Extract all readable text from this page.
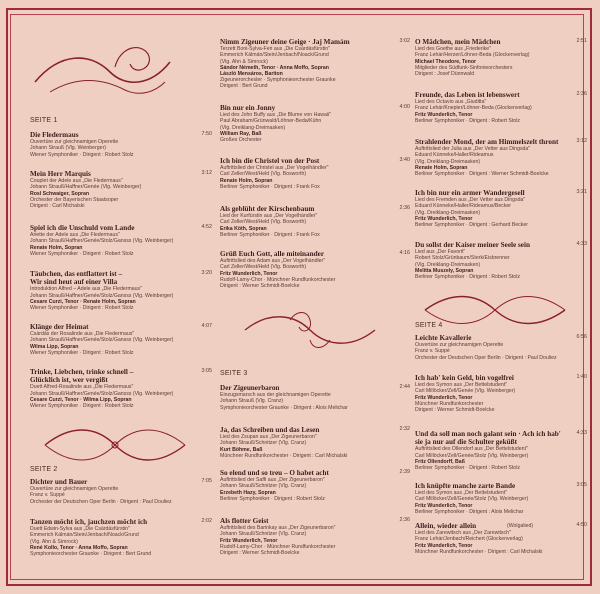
SEITE 1
SEITE 2
SEITE 3
SEITE 4
Die Fledermaus	7:50
Ouvertüre zur gleichnamigen Operette
Johann Strauß (Vlg. Weinberger)
Wiener Symphoniker · Dirigent : Robert Stolz
Mein Herr Marquis	3:12
Couplet der Adele aus „Die Fledermaus"
Johann Strauß/Haffner/Genée (Vlg. Weinberger)
Rosl Schwaiger, Sopran
Orchester der Bayerischen Staatsoper
Dirigent : Carl Michalski
Spiel ich die Unschuld vom Lande	4:52
Ariette der Adele aus „Die Fledermaus"
Johann Strauß/Haffner/Genée/Stolz/Gansss (Vlg. Weinberger)
Renate Holm, Sopran
Wiener Symphoniker · Dirigent : Robert Stolz
Täubchen, das entflattert ist –
Wir sind heut auf einer Villa
3:20
Introduktion Alfred – Adele aus „Die Fledermaus"
Johann Strauß/Haffner/Genée/Stolz/Gansss (Vlg. Weinberger)
Cesare Curzi, Tenor · Renate Holm, Sopran
Wiener Symphoniker · Dirigent : Robert Stolz
Klänge der Heimat	4:07
Csárdás der Rosalinde aus „Die Fledermaus"
Johann Strauß/Haffner/Genée/Stolz/Gansss (Vlg. Weinberger)
Wilma Lipp, Sopran
Wiener Symphoniker · Dirigent : Robert Stolz
Trinke, Liebchen, trinke schnell –
Glücklich ist, wer vergißt
3:05
Duett Alfred-Rosalinde aus „Die Fledermaus"
Johann Strauß/Haffner/Genée/Stolz/Gansss (Vlg. Weinberger)
Cesare Curzi, Tenor · Wilma Lipp, Sopran
Wiener Symphoniker · Dirigent : Robert Stolz
Dichter und Bauer	7:05
Ouvertüre zur gleichnamigen Operette
Franz v. Suppé
Orchester der Deutschen Oper Berlin · Dirigent : Paul Douliez
Tanzen möcht ich, jauchzen möcht ich	2:02
Duett Edwin-Sylva aus „Die Csárdásfürstin"
Emmerich Kálmán/Stein/Jenbach/Noack/Grund
(Vlg. Ahn & Simrock)
René Kollo, Tenor · Anna Moffo, Sopran
Symphonieorchester Graunke · Dirigent : Bert Grund
Nimm Zigeuner deine Geige · Jaj Mamám	3:02
Terzett Boni-Sylva-Feri aus „Die Csárdásfürstin"
Emmerich Kálmán/Stein/Jenbach/Noack/Grund
(Vlg. Ahn & Simrock)
Sándor Németh, Tenor · Anna Moffo, Sopran
László Mensáros, Bariton
Zigeunerorchester · Symphonieorchester Graunke
Dirigent : Bert Grund
Bin nur ein Jonny	4:00
Lied des John Buffy aus „Die Blume von Hawaii"
Paul Abraham/Grünwald/Löhner-Beda/Kühn
(Vlg. Dreiklang-Dreimasken)
William Ray, Baß
Großes Orchester
Ich bin die Christel von der Post	3:40
Auftrittslied der Christel aus „Der Vogelhändler"
Carl Zeller/West/Held (Vlg. Bosworth)
Renate Holm, Sopran
Berliner Symphoniker · Dirigent : Frank Fox
Als geblüht der Kirschenbaum	2:36
Lied der Kurfürstin aus „Der Vogelhändler"
Carl Zeller/West/Held (Vlg. Bosworth)
Erika Köth, Sopran
Berliner Symphoniker · Dirigent : Frank Fox
Grüß Euch Gott, alle miteinander	4:16
Auftrittslied des Adam aus „Der Vogelhändler"
Carl Zeller/West/Held (Vlg. Bosworth)
Fritz Wunderlich, Tenor
Rudolf-Lamy-Chor · Münchner Rundfunkorchester
Dirigent : Werner Schmidt-Boelcke
Der Zigeunerbaron	2:44
Einzugsmarsch aus der gleichnamigen Operette
Johann Strauß (Vlg. Cranz)
Symphonieorchester Graunke · Dirigent : Alois Melichar
Ja, das Schreiben und das Lesen	2:32
Lied des Zsupan aus „Der Zigeunerbaron"
Johann Strauß/Schnitzer (Vlg. Cranz)
Kurt Böhme, Baß
Münchner Rundfunkorchester · Dirigent : Carl Michalski
So elend und so treu – O habet acht	2:39
Auftrittslied der Saffi aus „Der Zigeunerbaron"
Johann Strauß/Schnitzer (Vlg. Cranz)
Erzebeth Hazy, Sopran
Berliner Symphoniker · Dirigent : Robert Stolz
Als flotter Geist	2:36
Auftrittslied des Barinkay aus „Der Zigeunerbaron"
Johann Strauß/Schnitzer (Vlg. Cranz)
Fritz Wunderlich, Tenor
Rudolf-Lamy-Chor · Münchner Rundfunkorchester
Dirigent : Werner Schmidt-Boelcke
O Mädchen, mein Mädchen	2:51
Lied des Goethe aus „Friederike"
Franz Lehár/Herzer/Löhner-Beda (Glockenverlag)
Michael Theodore, Tenor
Mitglieder des Südfunk-Sinfonieorchesters
Dirigent : Josef Dünnwald
Freunde, das Leben ist lebenswert	2:36
Lied des Octavio aus „Giuditta"
Franz Lehár/Knepler/Löhner-Beda (Glockenverlag)
Fritz Wunderlich, Tenor
Berliner Symphoniker · Dirigent : Robert Stolz
Strahlender Mond, der am Himmelszelt thront	3:12
Auftrittslied der Julia aus „Der Vetter aus Dingsda"
Eduard Künneke/Haller/Rideamus
(Vlg. Dreiklang-Dreimasken)
Renate Holm, Sopran
Berliner Symphoniker · Dirigent : Werner Schmidt-Boelcke
Ich bin nur ein armer Wandergesell	3:21
Lied des Fremden aus „Der Vetter aus Dingsda"
Eduard Künneke/Haller/Rideamus/Becker
(Vlg. Dreiklang-Dreimasken)
Fritz Wunderlich, Tenor
Berliner Symphoniker · Dirigent : Gerhard Becker
Du sollst der Kaiser meiner Seele sein	4:33
Lied aus „Der Favorit"
Robert Stolz/Grünbaum/Sterk/Eisbrenner
(Vlg. Dreiklang-Dreimasken)
Melitta Muszely, Sopran
Berliner Symphoniker · Dirigent : Robert Stolz
Leichte Kavallerie	6:56
Ouvertüre zur gleichnamigen Operette
Franz v. Suppé
Orchester der Deutschen Oper Berlin · Dirigent : Paul Douliez
Ich hab' kein Geld, bin vogelfrei	1:40
Lied des Symon aus „Der Bettelstudent"
Carl Millöcker/Zell/Genée (Vlg. Weinberger)
Fritz Wunderlich, Tenor
Münchner Rundfunkorchester
Dirigent : Werner Schmidt-Boelcke
Und da soll man noch galant sein · Ach ich hab'
sie ja nur auf die Schulter geküßt
4:33
Auftrittslied des Ollendorf aus „Der Bettelstudent"
Carl Millöcker/Zell/Genée/Stolz (Vlg. Weinberger)
Fritz Ollendorff, Baß
Berliner Symphoniker · Dirigent : Robert Stolz
Ich knüpfte manche zarte Bande	3:05
Lied des Symon aus „Der Bettelstudent"
Carl Millöcker/Zell/Genée/Stolz (Vlg. Weinberger)
Fritz Wunderlich, Tenor
Berliner Symphoniker · Dirigent : Alois Melichar
Allein, wieder allein	(Wolgalied)	4:50
Lied des Zarewitsch aus „Der Zarewitsch"
Franz Lehár/Jenbach/Reichert (Glockenverlag)
Fritz Wunderlich, Tenor
Münchner Rundfunkorchester · Dirigent : Carl Michalski
